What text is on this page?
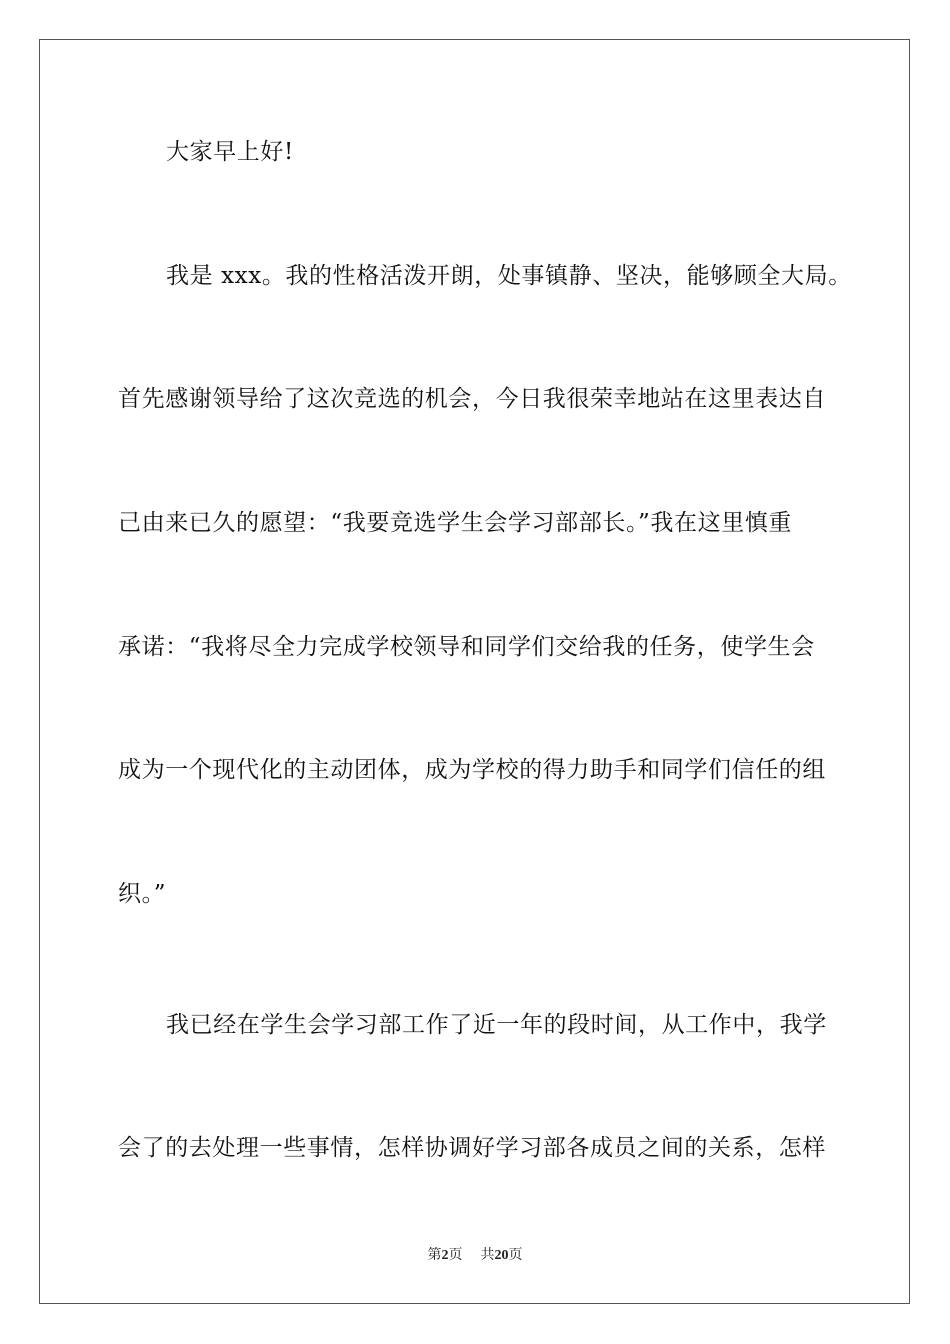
大家早上好!
我是 xxx。我的性格活泼开朗，处事镇静、坚决，能够顾全大局。
首先感谢领导给了这次竞选的机会，今日我很荣幸地站在这里表达自
己由来已久的愿望：“我要竞选学生会学习部部长。”我在这里慎重
承诺：“我将尽全力完成学校领导和同学们交给我的任务，使学生会
成为一个现代化的主动团体，成为学校的得力助手和同学们信任的组
织。”
我已经在学生会学习部工作了近一年的段时间，从工作中，我学
会了的去处理一些事情，怎样协调好学习部各成员之间的关系，怎样
第2页 共20页
